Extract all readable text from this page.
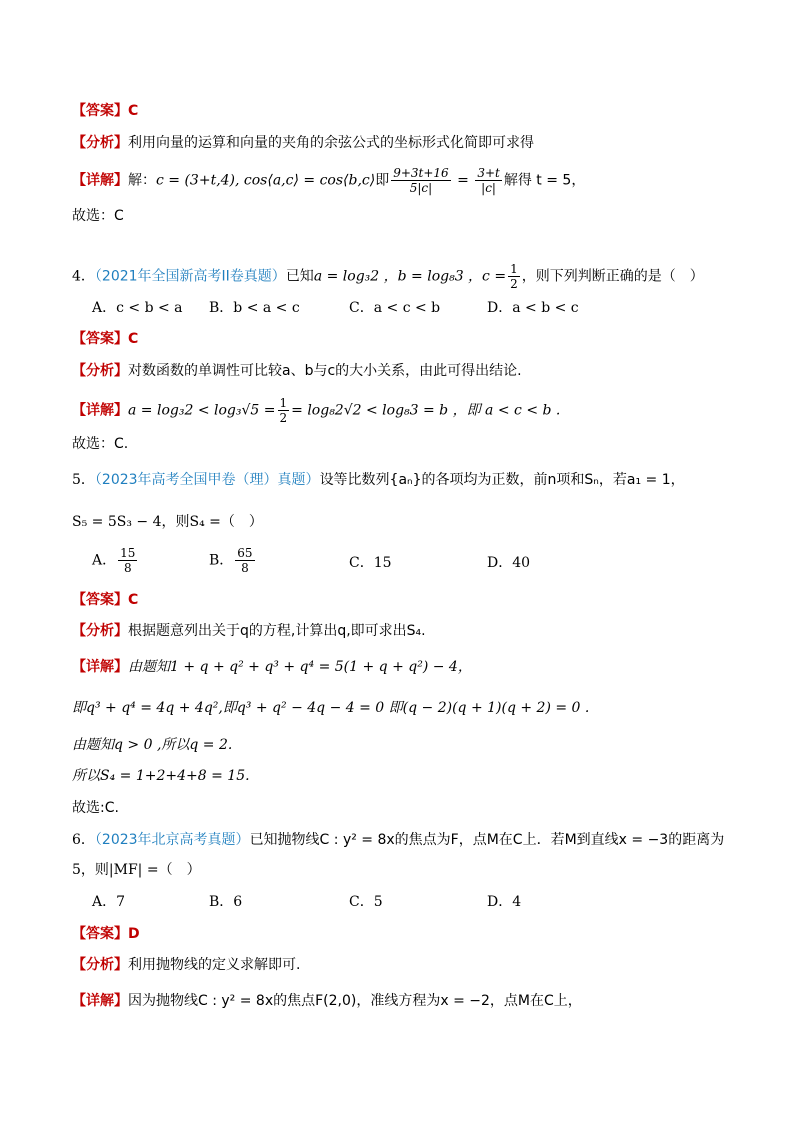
【答案】C
【分析】利用向量的运算和向量的夹角的余弦公式的坐标形式化简即可求得
【详解】解：c = (3+t,4), cos⟨a,c⟩ = cos⟨b,c⟩即 $\frac{9+3t+16}{5|c|} = \frac{3+t}{|c|}$ 解得 t = 5，
故选：C
4．（2021年全国新高考II卷真题）已知a = log₃2 ，b = log₈3 ，$c = \frac{1}{2}$ ，则下列判断正确的是（　）
A．c < b < a B．b < a < c	C．a < c < b	D．a < b < c
【答案】C
【分析】对数函数的单调性可比较a、b与c的大小关系，由此可得出结论.
【详解】$a = \log_32 < \log_3√5 = \frac{1}{2} = \log_82√2 < \log_83 = b$ ，即 a < c < b .
故选：C.
5．（2023年高考全国甲卷（理）真题）设等比数列{aₙ}的各项均为正数，前n项和Sₙ，若a₁ = 1，
S₅ = 5S₃ − 4，则S₄ =（　）
A． $\frac{15}{8}$	B． $\frac{65}{8}$	C．15	D．40
【答案】C
【分析】根据题意列出关于q的方程,计算出q,即可求出S₄.
【详解】由题知1 + q + q² + q³ + q⁴ = 5(1 + q + q²) − 4，
即q³ + q⁴ = 4q + 4q²,即q³ + q² − 4q − 4 = 0 即(q − 2)(q + 1)(q + 2) = 0 .
由题知q > 0 ,所以q = 2.
所以S₄ = 1+2+4+8 = 15.
故选:C.
6．（2023年北京高考真题）已知抛物线C : y² = 8x的焦点为F，点M在C上．若M到直线x = −3的距离为
5，则|MF| =（　）
A．7	B．6	C．5	D．4
【答案】D
【分析】利用抛物线的定义求解即可.
【详解】因为抛物线C : y² = 8x的焦点F(2,0)，准线方程为x = −2，点M在C上，
